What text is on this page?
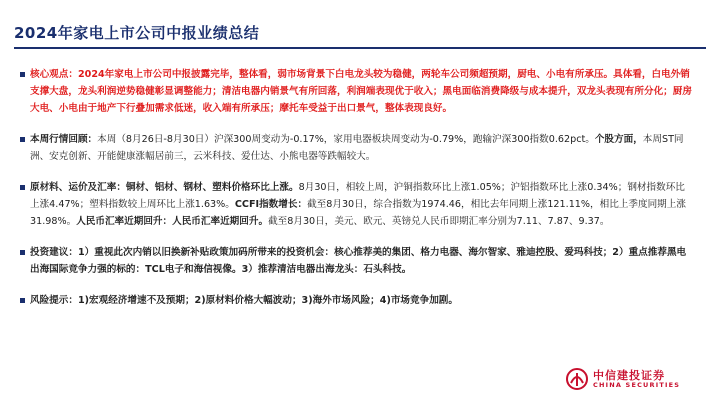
2024年家电上市公司中报业绩总结
核心观点：2024年家电上市公司中报披露完毕，整体看，弱市场背景下白电龙头较为稳健，两轮车公司频超预期，厨电、小电有所承压。具体看，白电外销支撑大盘，龙头利润逆势稳健彰显调整能力；清洁电器内销景气有所回落，利润端表现优于收入；黑电面临消费降级与成本提升，双龙头表现有所分化；厨房大电、小电由于地产下行叠加需求低迷，收入端有所承压；摩托车受益于出口景气，整体表现良好。
本周行情回顾：本周（8月26日-8月30日）沪深300周变动为-0.17%，家用电器板块周变动为-0.79%，跑输沪深300指数0.62pct。个股方面，本周ST同洲、安克创新、开能健康涨幅居前三，云米科技、爱仕达、小熊电器等跌幅较大。
原材料、运价及汇率：铜材、铝材、钢材、塑料价格环比上涨。8月30日，相较上周，沪铜指数环比上涨1.05%；沪铝指数环比上涨0.34%；钢材指数环比上涨4.47%；塑料指数较上周环比上涨1.63%。CCFI指数增长：截至8月30日，综合指数为1974.46，相比去年同期上涨121.11%，相比上季度同期上涨31.98%。人民币汇率近期回升：人民币汇率近期回升。截至8月30日，美元、欧元、英镑兑人民币即期汇率分别为7.11、7.87、9.37。
投资建议：1）重视此次内销以旧换新补贴政策加码所带来的投资机会：核心推荐美的集团、格力电器、海尔智家、雅迪控股、爱玛科技；2）重点推荐黑电出海国际竞争力强的标的：TCL电子和海信视像。3）推荐清洁电器出海龙头：石头科技。
风险提示：1)宏观经济增速不及预期；2)原材料价格大幅波动；3)海外市场风险；4)市场竞争加剧。
中信建投证券
CHINA SECURITIES
